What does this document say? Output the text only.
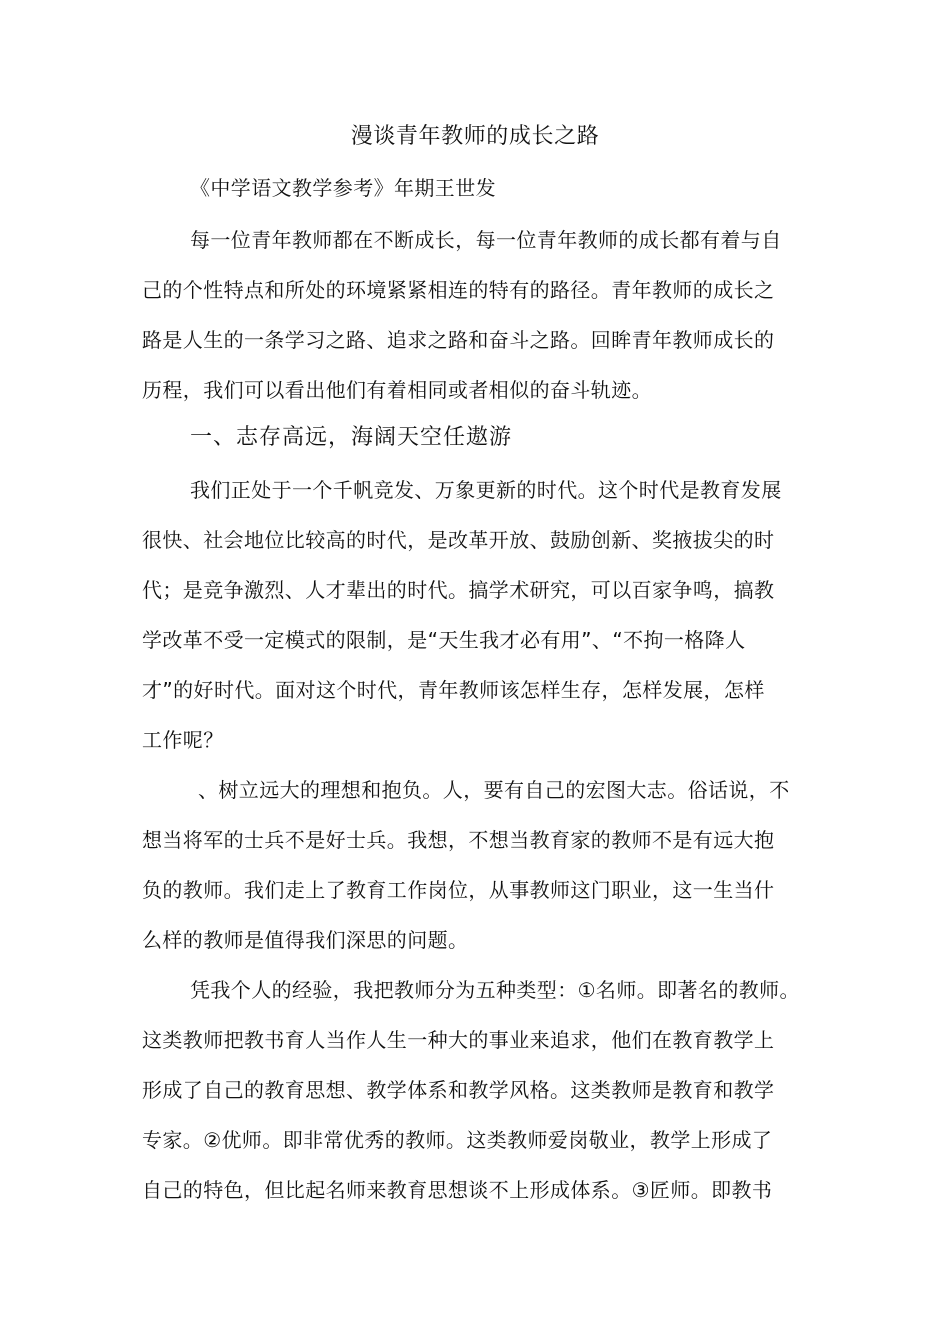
漫谈青年教师的成长之路
《中学语文教学参考》年期王世发
每一位青年教师都在不断成长，每一位青年教师的成长都有着与自
己的个性特点和所处的环境紧紧相连的特有的路径。青年教师的成长之
路是人生的一条学习之路、追求之路和奋斗之路。回眸青年教师成长的
历程，我们可以看出他们有着相同或者相似的奋斗轨迹。
一、志存高远，海阔天空任遨游
我们正处于一个千帆竞发、万象更新的时代。这个时代是教育发展
很快、社会地位比较高的时代，是改革开放、鼓励创新、奖掖拔尖的时
代；是竞争激烈、人才辈出的时代。搞学术研究，可以百家争鸣，搞教
学改革不受一定模式的限制，是“天生我才必有用”、“不拘一格降人
才”的好时代。面对这个时代，青年教师该怎样生存，怎样发展，怎样
工作呢？
、树立远大的理想和抱负。人，要有自己的宏图大志。俗话说，不
想当将军的士兵不是好士兵。我想，不想当教育家的教师不是有远大抱
负的教师。我们走上了教育工作岗位，从事教师这门职业，这一生当什
么样的教师是值得我们深思的问题。
凭我个人的经验，我把教师分为五种类型：①名师。即著名的教师。
这类教师把教书育人当作人生一种大的事业来追求，他们在教育教学上
形成了自己的教育思想、教学体系和教学风格。这类教师是教育和教学
专家。②优师。即非常优秀的教师。这类教师爱岗敬业，教学上形成了
自己的特色，但比起名师来教育思想谈不上形成体系。③匠师。即教书
